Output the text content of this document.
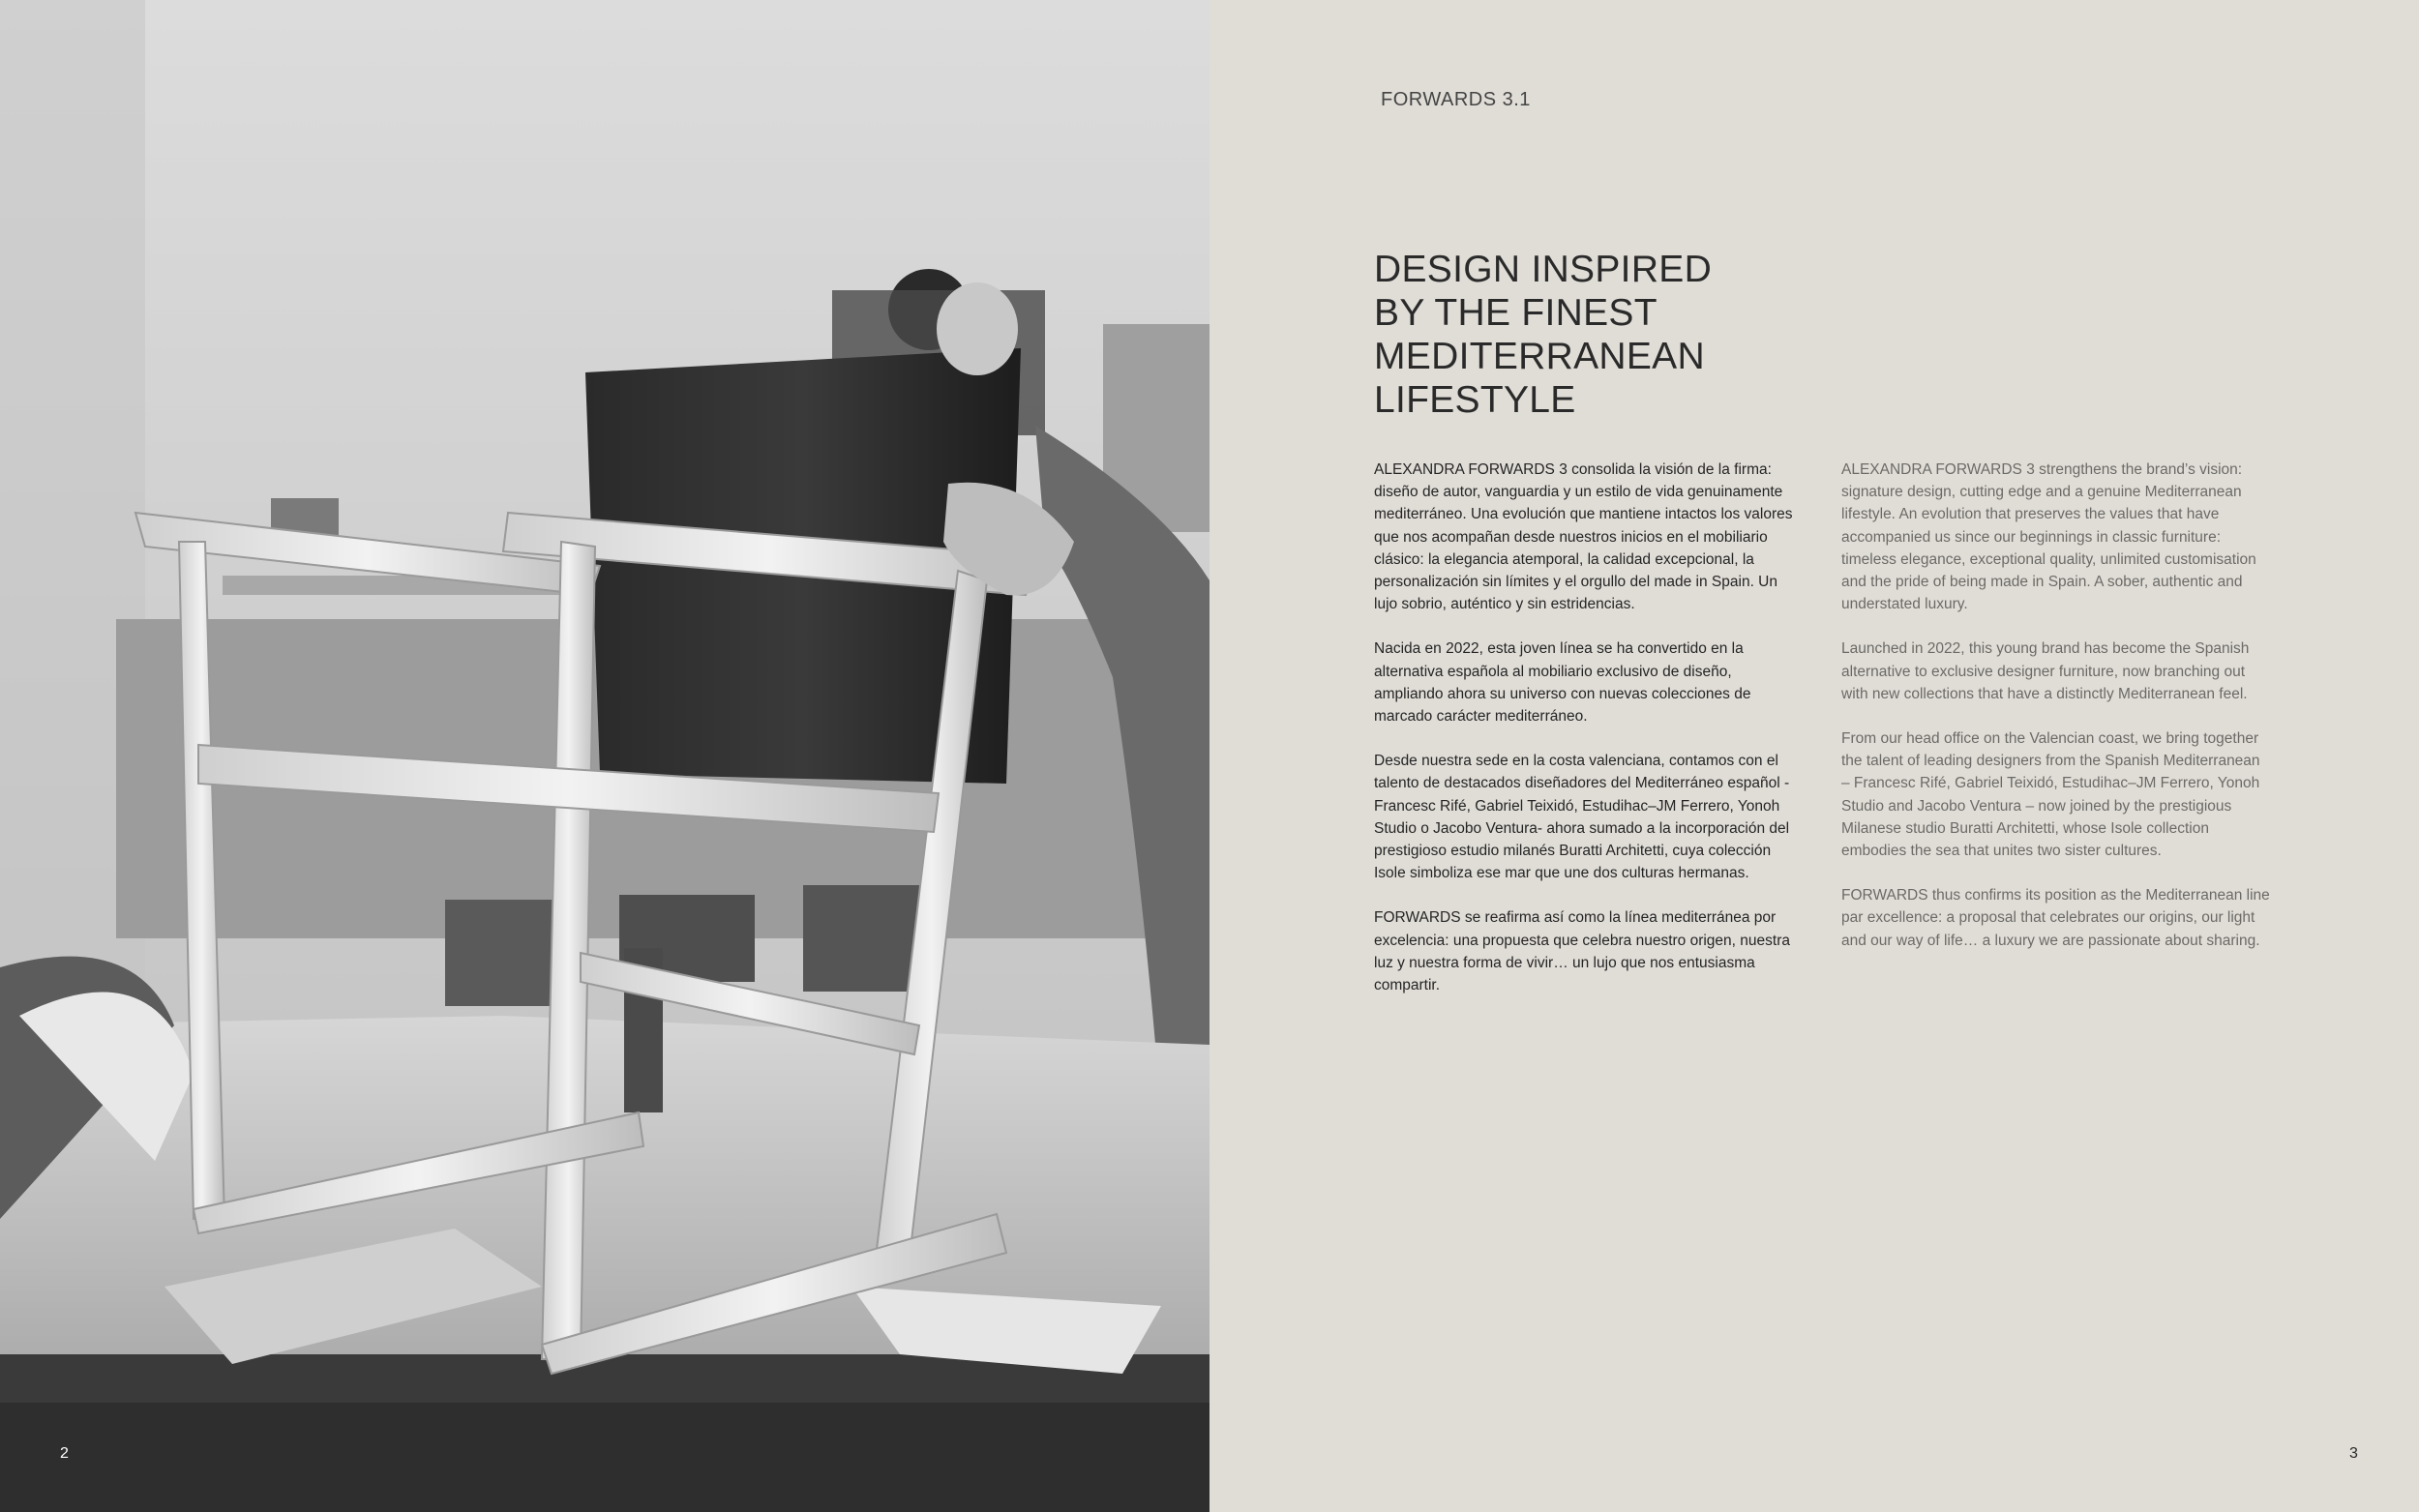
2
FORWARDS 3.1
DESIGN INSPIRED
BY THE FINEST
MEDITERRANEAN
LIFESTYLE

ALEXANDRA FORWARDS 3 consolida la visión de la firma: diseño de autor, vanguardia y un estilo de vida genuinamente mediterráneo. Una evolución que mantiene intactos los valores que nos acompañan desde nuestros inicios en el mobiliario clásico: la elegancia atemporal, la calidad excepcional, la personalización sin límites y el orgullo del made in Spain. Un lujo sobrio, auténtico y sin estridencias.

Nacida en 2022, esta joven línea se ha convertido en la alternativa española al mobiliario exclusivo de diseño, ampliando ahora su universo con nuevas colecciones de marcado carácter mediterráneo.

Desde nuestra sede en la costa valenciana, contamos con el talento de destacados diseñadores del Mediterráneo español -Francesc Rifé, Gabriel Teixidó, Estudihac–JM Ferrero, Yonoh Studio o Jacobo Ventura- ahora sumado a la incorporación del prestigioso estudio milanés Buratti Architetti, cuya colección Isole simboliza ese mar que une dos culturas hermanas.

FORWARDS se reafirma así como la línea mediterránea por excelencia: una propuesta que celebra nuestro origen, nuestra luz y nuestra forma de vivir… un lujo que nos entusiasma compartir.

ALEXANDRA FORWARDS 3 strengthens the brand’s vision: signature design, cutting edge and a genuine Mediterranean lifestyle. An evolution that preserves the values that have accompanied us since our beginnings in classic furniture: timeless elegance, exceptional quality, unlimited customisation and the pride of being made in Spain. A sober, authentic and understated luxury.

Launched in 2022, this young brand has become the Spanish alternative to exclusive designer furniture, now branching out with new collections that have a distinctly Mediterranean feel.

From our head office on the Valencian coast, we bring together the talent of leading designers from the Spanish Mediterranean – Francesc Rifé, Gabriel Teixidó, Estudihac–JM Ferrero, Yonoh Studio and Jacobo Ventura – now joined by the prestigious Milanese studio Buratti Architetti, whose Isole collection embodies the sea that unites two sister cultures.

FORWARDS thus confirms its position as the Mediterranean line par excellence: a proposal that celebrates our origins, our light and our way of life… a luxury we are passionate about sharing.

3
